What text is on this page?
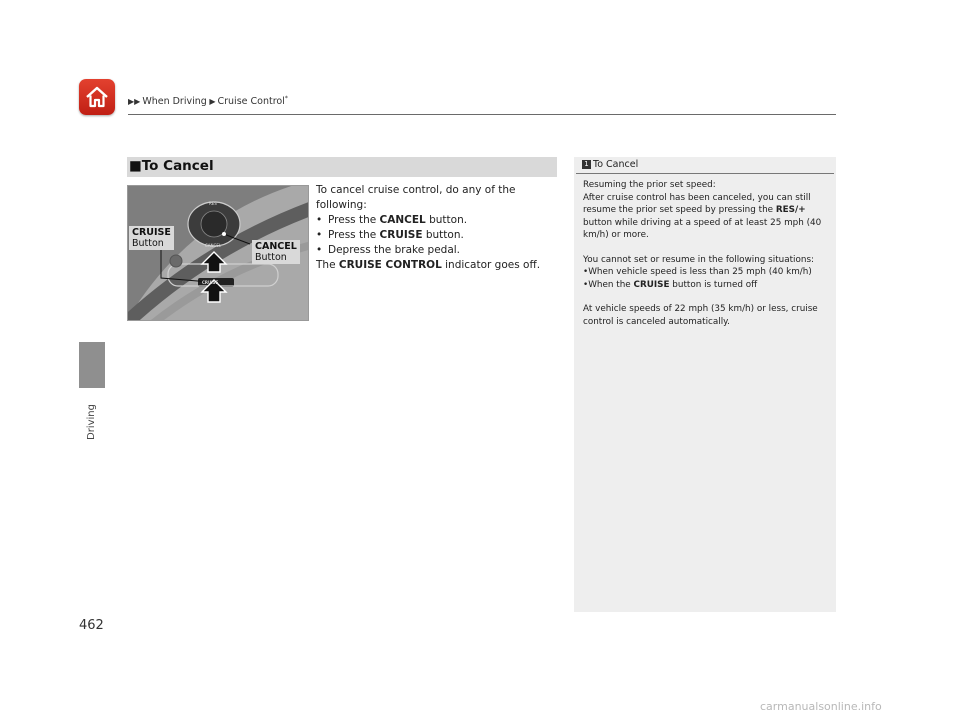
▶▶ When Driving ▶ Cruise Control*
Driving
462
■To Cancel
RES
CANCEL
CRUISE
CRUISE
Button	CANCEL
Button

To cancel cruise control, do any of the following:

• Press the CANCEL button.

• Press the CRUISE button.

• Depress the brake pedal.

The CRUISE CONTROL indicator goes off.

1 To Cancel

Resuming the prior set speed:

After cruise control has been canceled, you can still resume the prior set speed by pressing the RES/+ button while driving at a speed of at least 25 mph (40 km/h) or more.

You cannot set or resume in the following situations:

•When vehicle speed is less than 25 mph (40 km/h)

•When the CRUISE button is turned off

At vehicle speeds of 22 mph (35 km/h) or less, cruise control is canceled automatically.

carmanualsonline.info
